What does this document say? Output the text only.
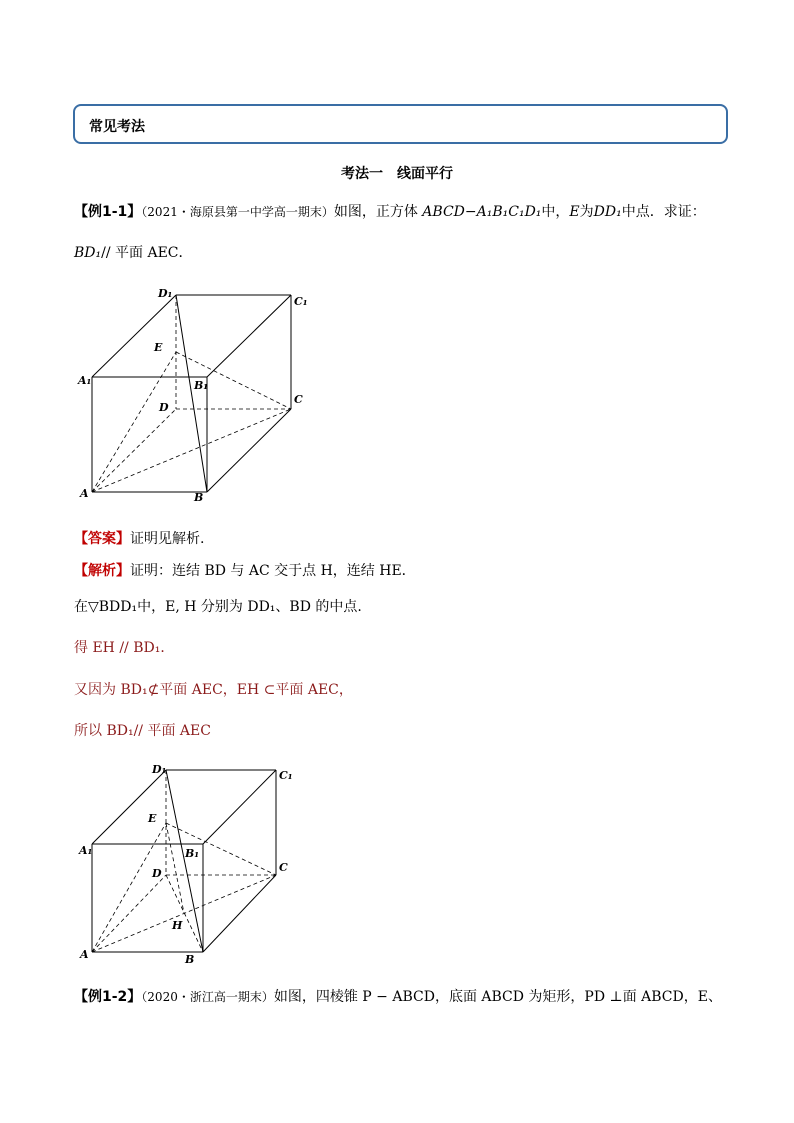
常见考法
考法一　线面平行
【例1-1】（2021・海原县第一中学高一期末）如图，正方体 ABCD−A₁B₁C₁D₁中，E为DD₁中点．求证：
BD₁// 平面 AEC．
D₁
C₁
E
A₁	B₁
D
C
A	B
【答案】证明见解析.
【解析】证明：连结 BD 与 AC 交于点 H，连结 HE．
在▽BDD₁中，E, H 分别为 DD₁、BD 的中点.
得 EH // BD₁．
又因为 BD₁⊄平面 AEC，EH ⊂平面 AEC，
所以 BD₁// 平面 AEC
D₁	C₁
E
A₁	B₁
D	C
H
A	B
【例1-2】（2020・浙江高一期末）如图，四棱锥 P − ABCD，底面 ABCD 为矩形，PD ⊥面 ABCD，E、
